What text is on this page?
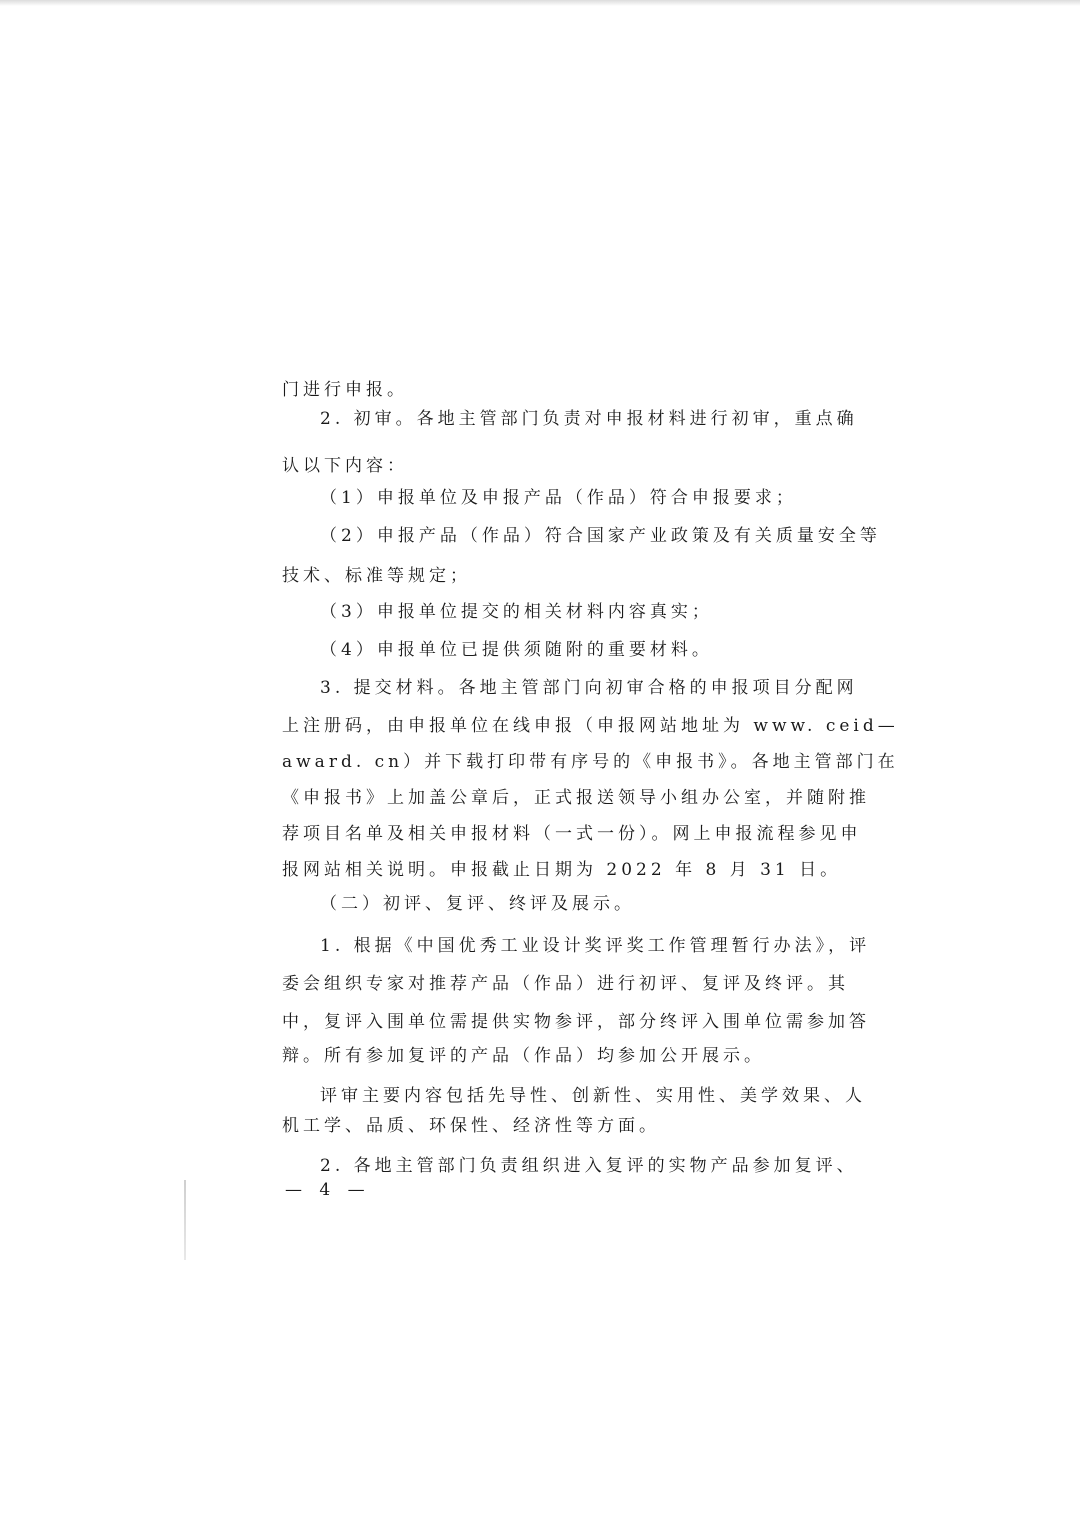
门进行申报。
2. 初审。各地主管部门负责对申报材料进行初审，重点确
认以下内容：
（1）申报单位及申报产品（作品）符合申报要求；
（2）申报产品（作品）符合国家产业政策及有关质量安全等
技术、标准等规定；
（3）申报单位提交的相关材料内容真实；
（4）申报单位已提供须随附的重要材料。
3. 提交材料。各地主管部门向初审合格的申报项目分配网
上注册码，由申报单位在线申报（申报网站地址为 www. ceid—
award. cn）并下载打印带有序号的《申报书》。各地主管部门在
《申报书》上加盖公章后，正式报送领导小组办公室，并随附推
荐项目名单及相关申报材料（一式一份）。网上申报流程参见申
报网站相关说明。申报截止日期为 2022 年 8 月 31 日。
（二）初评、复评、终评及展示。
1. 根据《中国优秀工业设计奖评奖工作管理暂行办法》，评
委会组织专家对推荐产品（作品）进行初评、复评及终评。其
中，复评入围单位需提供实物参评，部分终评入围单位需参加答
辩。所有参加复评的产品（作品）均参加公开展示。
评审主要内容包括先导性、创新性、实用性、美学效果、人
机工学、品质、环保性、经济性等方面。
2. 各地主管部门负责组织进入复评的实物产品参加复评、
— 4 —
